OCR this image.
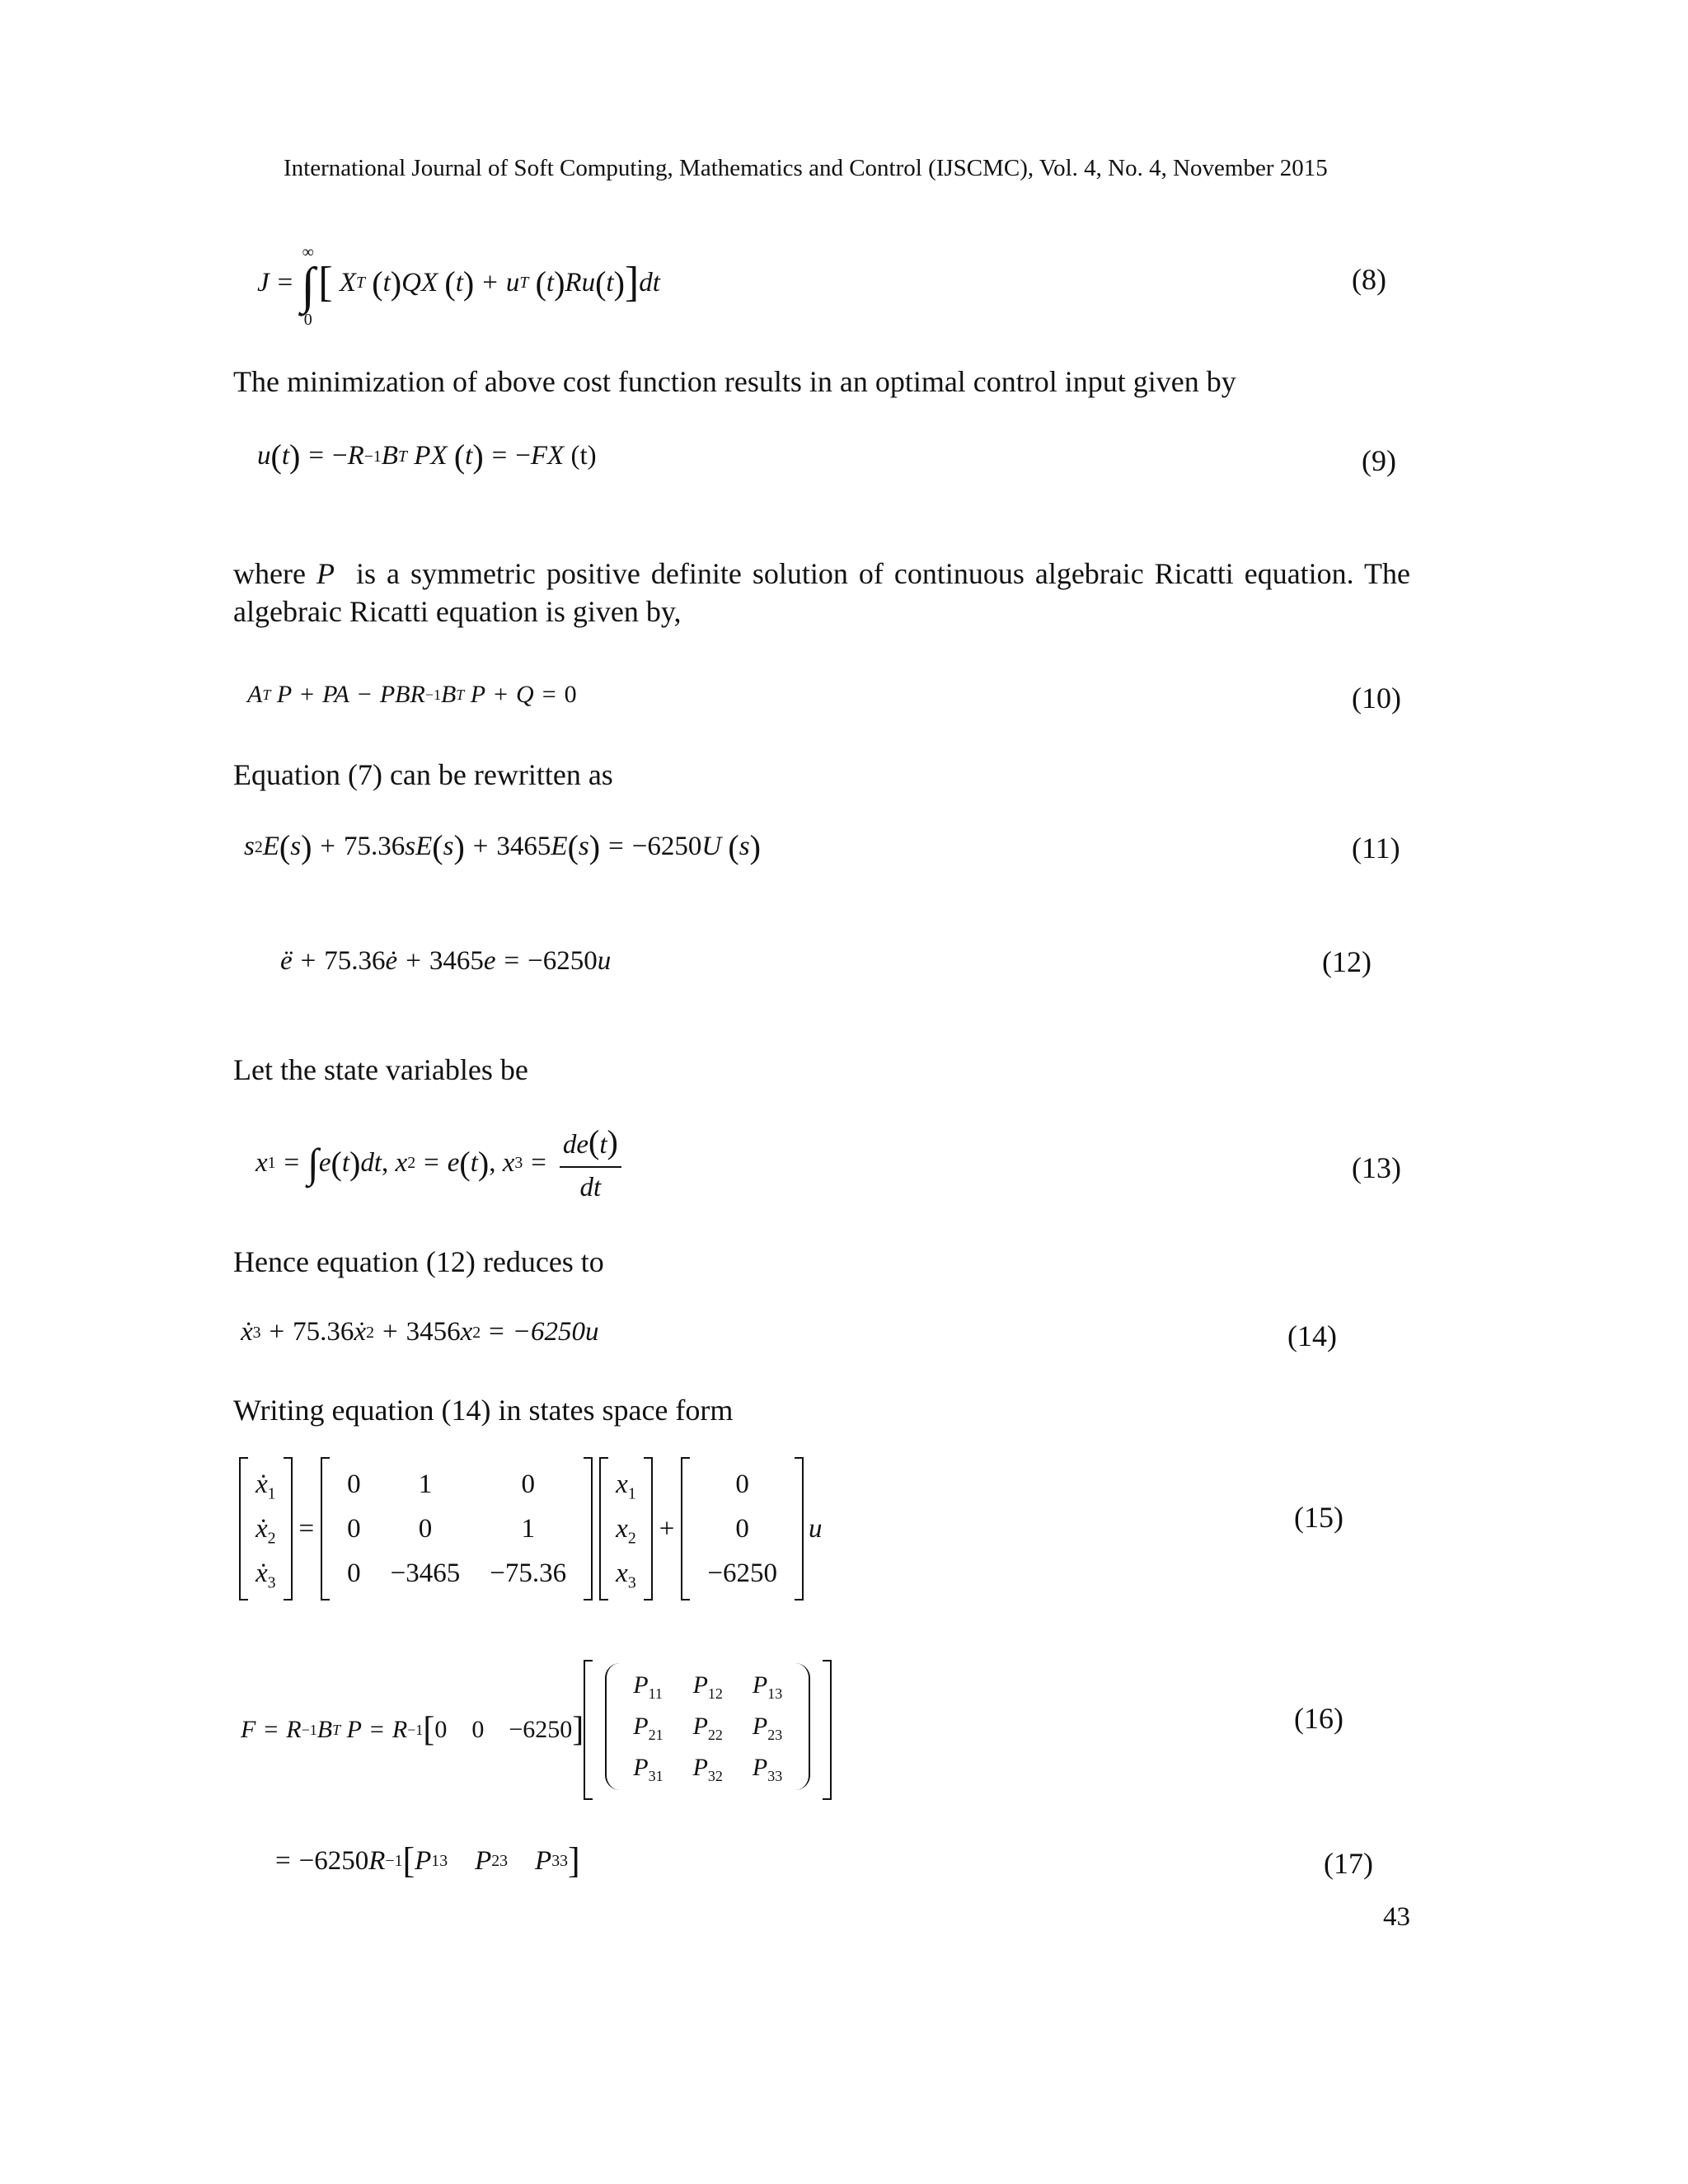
International Journal of Soft Computing, Mathematics and Control (IJSCMC), Vol. 4, No. 4, November 2015
J =
∞
∫
0
[
X T
( t ) QX
( t ) + u T
( t ) Ru ( t ) ] dt	(8)
The minimization of above cost function results in an optimal control input given by
u ( t ) = − R −1 B T
PX
( t ) = − FX (t)	(9)
where P is a symmetric positive definite solution of continuous algebraic Ricatti equation. The algebraic Ricatti equation is given by,
A T
P + PA − PBR −1 B T
P + Q = 0	(10)
Equation (7) can be rewritten as
s 2 E ( s ) + 75.36 sE ( s ) + 3465 E ( s ) = −6250 U
( s )	(11)
ë + 75.36 ė + 3465 e = −6250 u	(12)
Let the state variables be
x 1 = ∫ e ( t ) dt , x 2 = e ( t ) , x $3 = \frac{de(t)}{dt}$	(13)
Hence equation (12) reduces to
ẋ 3 + 75.36 ẋ 2 + 3456 x 2 = −6250u	(14)
Writing equation (14) in states space form
ẋ$_1$
ẋ$_2$
ẋ$_3$
=
0	1	0
0	0	1
0	−3465	−75.36
$x_1$
$x_2$
$x_3$
+
0
0
−6250
u	(15)
F = R −1 B T
P = R −1 [ 0    0    −6250 ]
$P_{11}$	$P_{12}$	$P_{13}$
$P_{21}$	$P_{22}$	$P_{23}$
$P_{31}$	$P_{32}$	$P_{33}$
(16)
= −6250 R −1 [ P 13
P 23
P 33 ]	(17)
43
